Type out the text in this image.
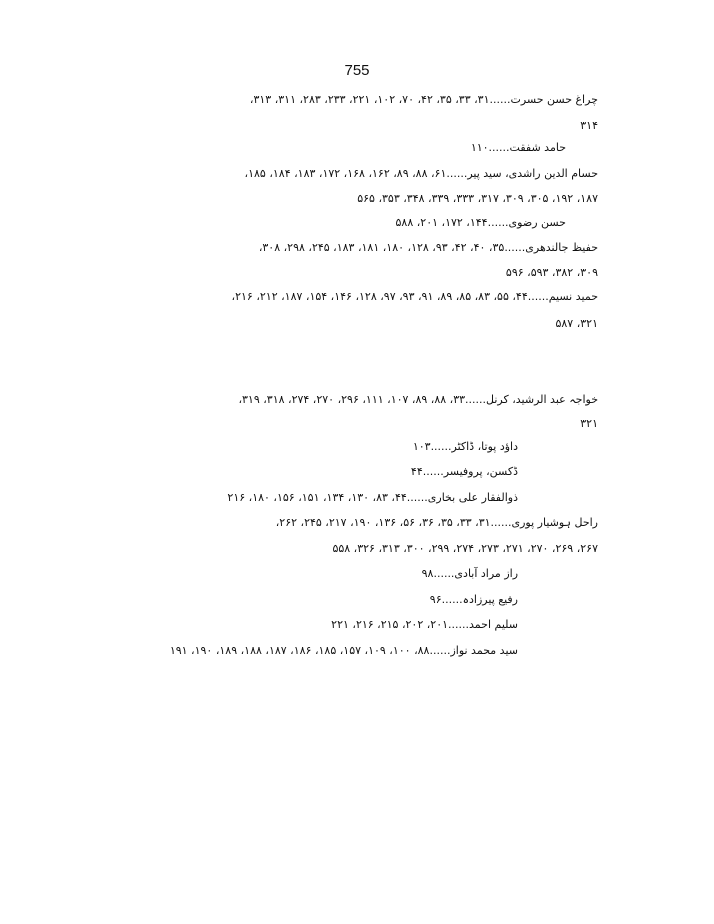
755
چراغ حسن حسرت......۳۱، ۳۳، ۳۵، ۴۲، ۷۰، ۱۰۲، ۲۲۱، ۲۳۳، ۲۸۳، ۳۱۱، ۳۱۳،
۳۱۴
حامد شفقت......۱۱۰
حسام الدین راشدی، سید پیر......۶۱، ۸۸، ۸۹، ۱۶۲، ۱۶۸، ۱۷۲، ۱۸۳، ۱۸۴، ۱۸۵،
۱۸۷، ۱۹۲، ۳۰۵، ۳۰۹، ۳۱۷، ۳۳۳، ۳۳۹، ۳۴۸، ۳۵۳، ۵۶۵
حسن رضوی......۱۴۴، ۱۷۲، ۲۰۱، ۵۸۸
حفیظ جالندھری......۳۵، ۴۰، ۴۲، ۹۳، ۱۲۸، ۱۸۰، ۱۸۱، ۱۸۳، ۲۴۵، ۲۹۸، ۳۰۸،
۳۰۹، ۳۸۲، ۵۹۳، ۵۹۶
حمید نسیم......۴۴، ۵۵، ۸۳، ۸۵، ۸۹، ۹۱، ۹۳، ۹۷، ۱۲۸، ۱۴۶، ۱۵۴، ۱۸۷، ۲۱۲، ۲۱۶،
۳۲۱، ۵۸۷
خواجہ عبد الرشید، کرنل......۳۳، ۸۸، ۸۹، ۱۰۷، ۱۱۱، ۲۹۶، ۲۷۰، ۲۷۴، ۳۱۸، ۳۱۹،
۳۲۱
داؤد پوتا، ڈاکٹر......۱۰۳
ڈکسن، پروفیسر......۴۴
ذوالفقار علی بخاری......۴۴، ۸۳، ۱۳۰، ۱۳۴، ۱۵۱، ۱۵۶، ۱۸۰، ۲۱۶
راحل ہوشیار پوری......۳۱، ۳۳، ۳۵، ۳۶، ۵۶، ۱۳۶، ۱۹۰، ۲۱۷، ۲۴۵، ۲۶۲،
۲۶۷، ۲۶۹، ۲۷۰، ۲۷۱، ۲۷۳، ۲۷۴، ۲۹۹، ۳۰۰، ۳۱۳، ۳۲۶، ۵۵۸
راز مراد آبادی......۹۸
رفیع پیرزادہ......۹۶
سلیم احمد......۲۰۱، ۲۰۲، ۲۱۵، ۲۱۶، ۲۲۱
سید محمد نواز......۸۸، ۱۰۰، ۱۰۹، ۱۵۷، ۱۸۵، ۱۸۶، ۱۸۷، ۱۸۸، ۱۸۹، ۱۹۰، ۱۹۱
